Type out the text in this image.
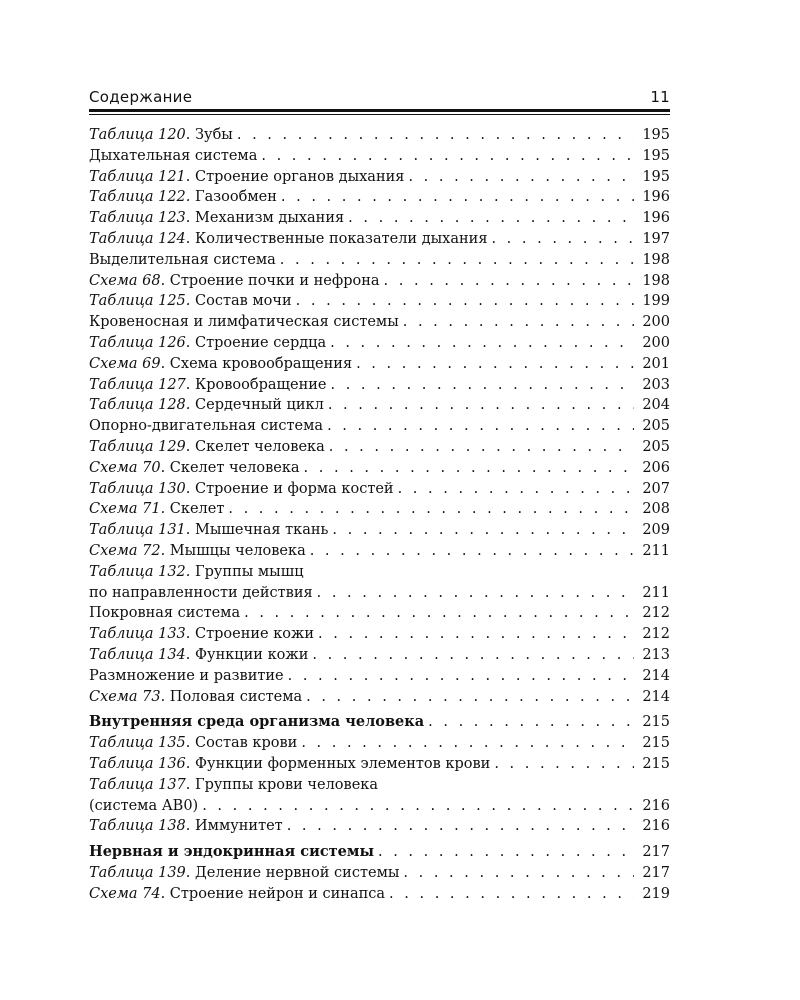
Содержание	11
Таблица 120. Зубы . . .	195
Дыхательная система . . .	195
Таблица 121. Строение органов дыхания . . .	195
Таблица 122. Газообмен . . .	196
Таблица 123. Механизм дыхания . . .	196
Таблица 124. Количественные показатели дыхания . . .	197
Выделительная система . . .	198
Схема 68. Строение почки и нефрона . . .	198
Таблица 125. Состав мочи . . .	199
Кровеносная и лимфатическая системы . . .	200
Таблица 126. Строение сердца . . .	200
Схема 69. Схема кровообращения . . .	201
Таблица 127. Кровообращение . . .	203
Таблица 128. Сердечный цикл . . .	204
Опорно-двигательная система . . .	205
Таблица 129. Скелет человека . . .	205
Схема 70. Скелет человека . . .	206
Таблица 130. Строение и форма костей . . .	207
Схема 71. Скелет . . .	208
Таблица 131. Мышечная ткань . . .	209
Схема 72. Мышцы человека . . .	211
Таблица 132. Группы мышц
по направленности действия . . .	211
Покровная система . . .	212
Таблица 133. Строение кожи . . .	212
Таблица 134. Функции кожи . . .	213
Размножение и развитие . . .	214
Схема 73. Половая система . . .	214
Внутренняя среда организма человека . . .	215
Таблица 135. Состав крови . . .	215
Таблица 136. Функции форменных элементов крови . . .	215
Таблица 137. Группы крови человека
(система АВ0) . . .	216
Таблица 138. Иммунитет . . .	216
Нервная и эндокринная системы . . .	217
Таблица 139. Деление нервной системы . . .	217
Схема 74. Строение нейрон и синапса . . .	219
